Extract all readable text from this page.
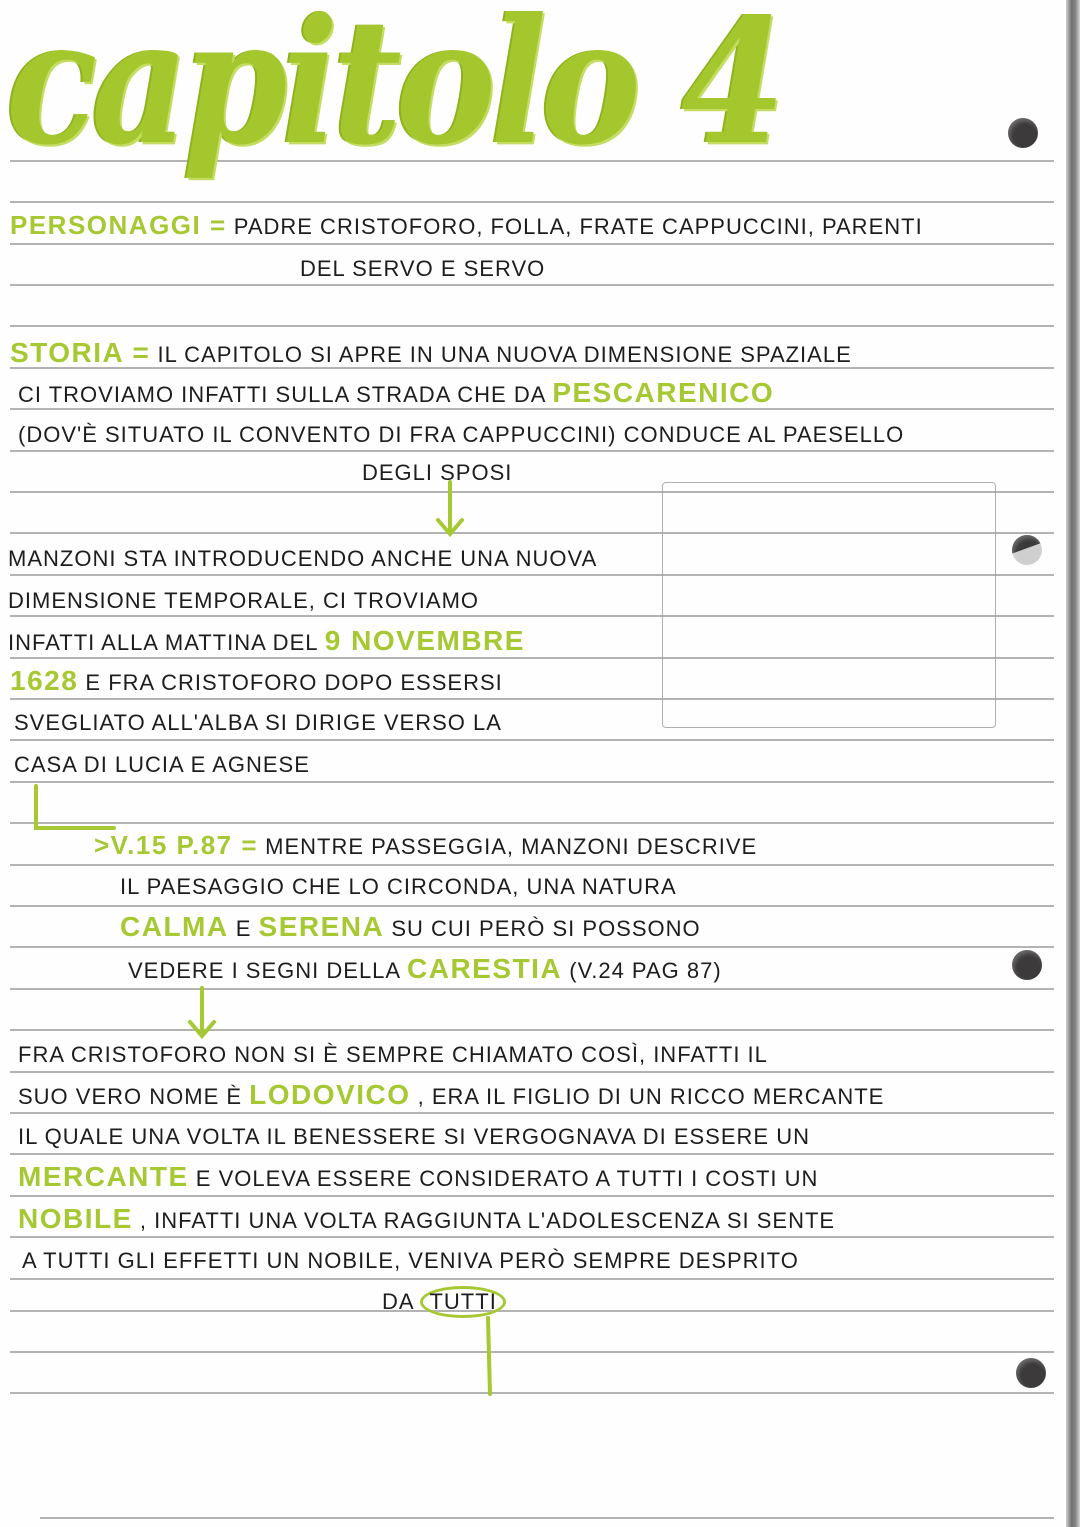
capitolo 4
PERSONAGGI = PADRE CRISTOFORO, FOLLA, FRATE CAPPUCCINI, PARENTI
DEL SERVO E SERVO
STORIA = IL CAPITOLO SI APRE IN UNA NUOVA DIMENSIONE SPAZIALE
CI TROVIAMO INFATTI SULLA STRADA CHE DA PESCARENICO
(DOV'È SITUATO IL CONVENTO DI FRA CAPPUCCINI) CONDUCE AL PAESELLO
DEGLI SPOSI
MANZONI STA INTRODUCENDO ANCHE UNA NUOVA
DIMENSIONE TEMPORALE, CI TROVIAMO
INFATTI ALLA MATTINA DEL 9 NOVEMBRE
1628 E FRA CRISTOFORO DOPO ESSERSI
SVEGLIATO ALL'ALBA SI DIRIGE VERSO LA
CASA DI LUCIA E AGNESE
>V.15 P.87 = MENTRE PASSEGGIA, MANZONI DESCRIVE
IL PAESAGGIO CHE LO CIRCONDA, UNA NATURA
CALMA E SERENA SU CUI PERÒ SI POSSONO
VEDERE I SEGNI DELLA CARESTIA (V.24 PAG 87)
FRA CRISTOFORO NON SI È SEMPRE CHIAMATO COSÌ, INFATTI IL
SUO VERO NOME È LODOVICO , ERA IL FIGLIO DI UN RICCO MERCANTE
IL QUALE UNA VOLTA IL BENESSERE SI VERGOGNAVA DI ESSERE UN
MERCANTE E VOLEVA ESSERE CONSIDERATO A TUTTI I COSTI UN
NOBILE , INFATTI UNA VOLTA RAGGIUNTA L'ADOLESCENZA SI SENTE
A TUTTI GLI EFFETTI UN NOBILE, VENIVA PERÒ SEMPRE DESPRITO
DA TUTTI
